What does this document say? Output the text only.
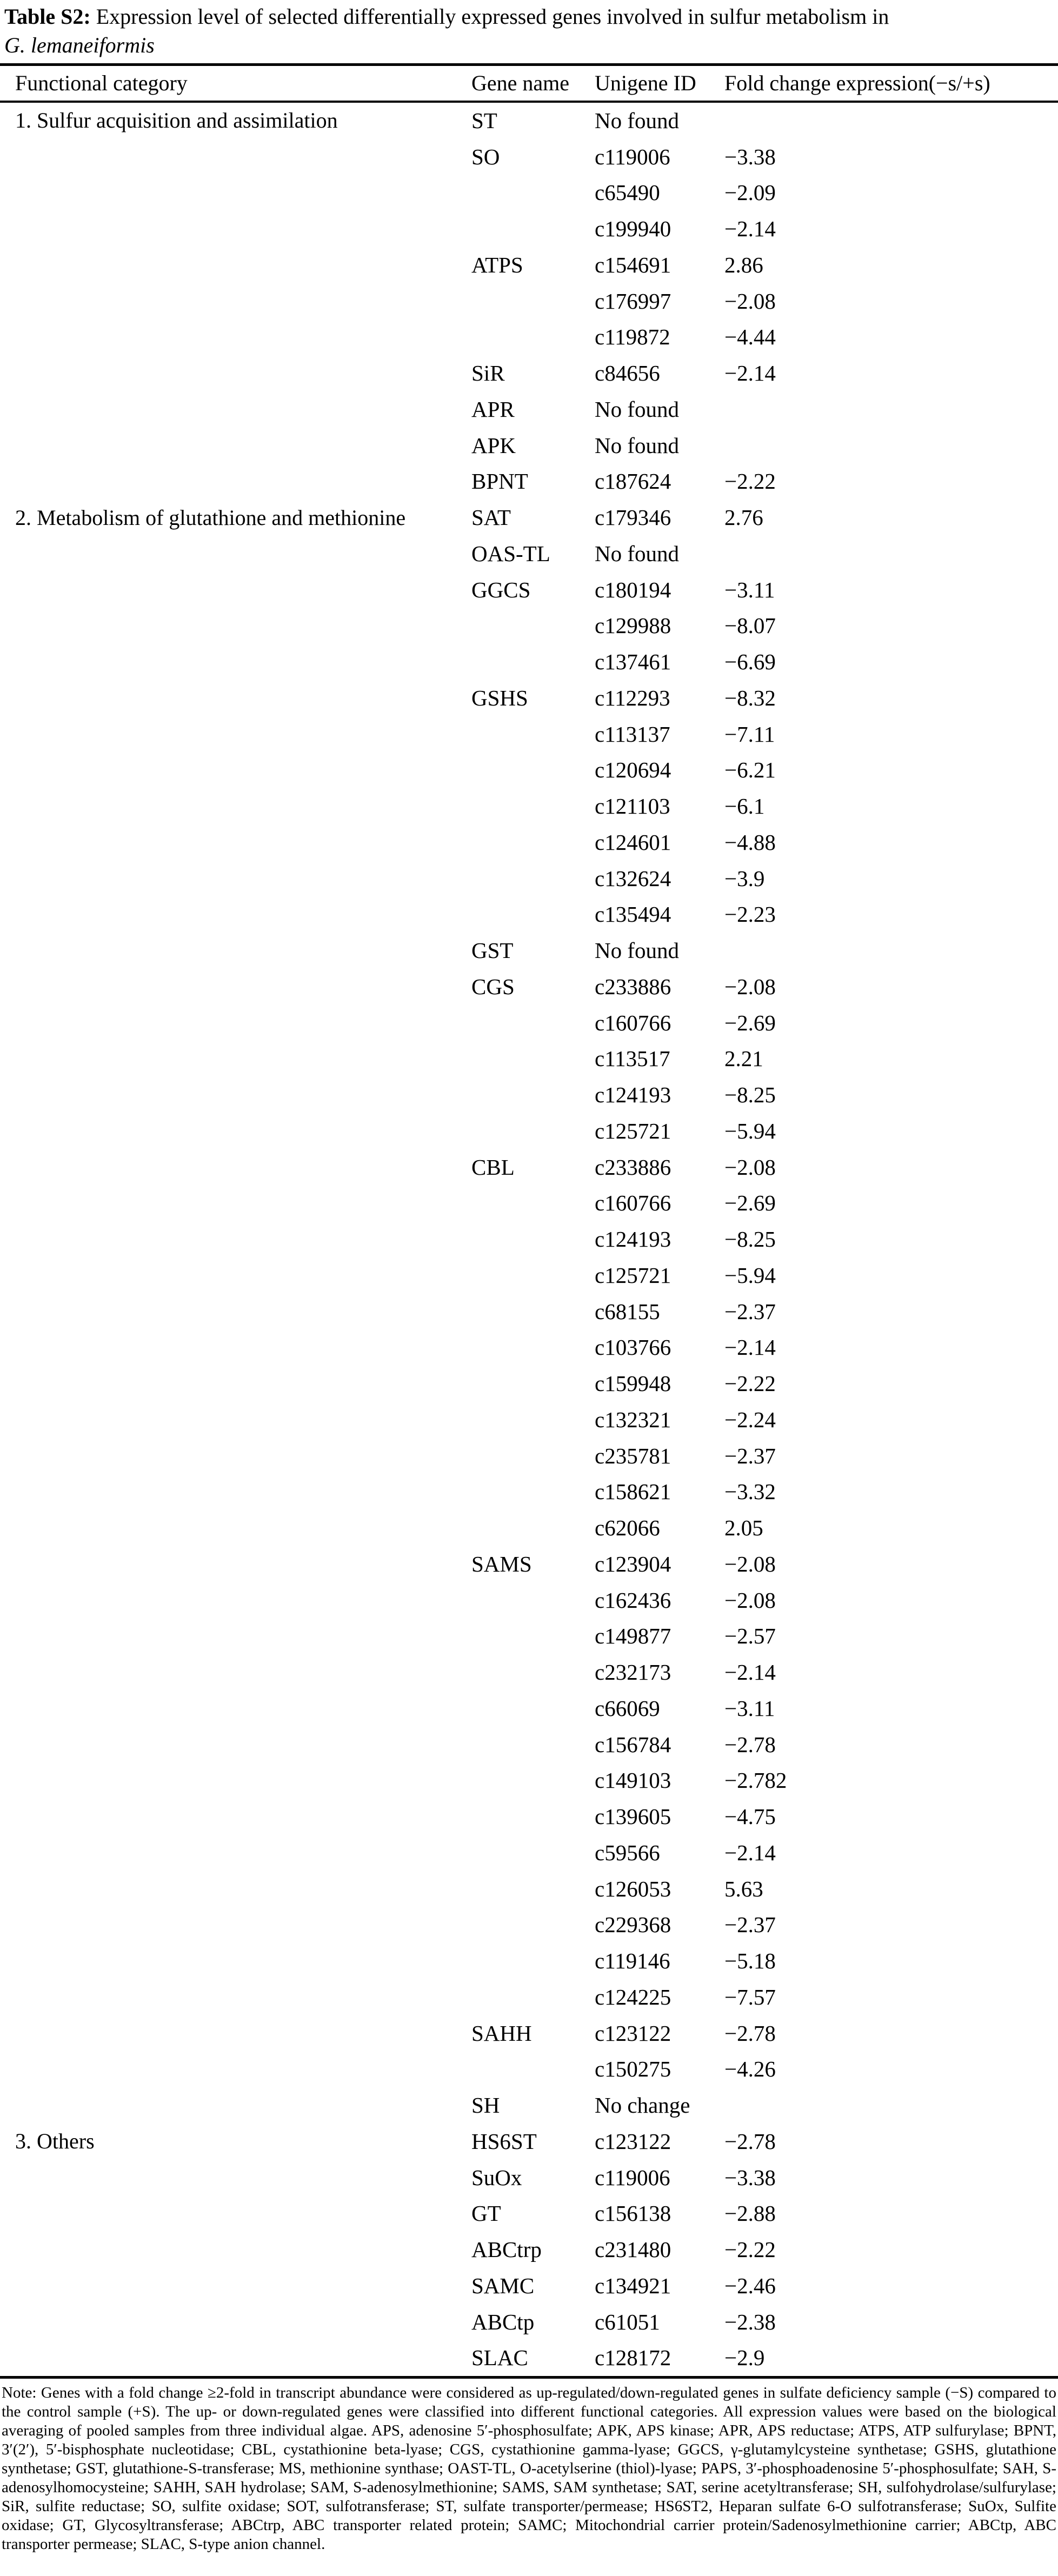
Table S2: Expression level of selected differentially expressed genes involved in sulfur metabolism in
G. lemaneiformis
Functional category	Gene name	Unigene ID	Fold change expression(−s/+s)
1. Sulfur acquisition and assimilation	ST	No found	
	SO	c119006	−3.38
		c65490	−2.09
		c199940	−2.14
	ATPS	c154691	2.86
		c176997	−2.08
		c119872	−4.44
	SiR	c84656	−2.14
	APR	No found	
	APK	No found	
	BPNT	c187624	−2.22
2. Metabolism of glutathione and methionine	SAT	c179346	2.76
	OAS-TL	No found	
	GGCS	c180194	−3.11
		c129988	−8.07
		c137461	−6.69
	GSHS	c112293	−8.32
		c113137	−7.11
		c120694	−6.21
		c121103	−6.1
		c124601	−4.88
		c132624	−3.9
		c135494	−2.23
	GST	No found	
	CGS	c233886	−2.08
		c160766	−2.69
		c113517	2.21
		c124193	−8.25
		c125721	−5.94
	CBL	c233886	−2.08
		c160766	−2.69
		c124193	−8.25
		c125721	−5.94
		c68155	−2.37
		c103766	−2.14
		c159948	−2.22
		c132321	−2.24
		c235781	−2.37
		c158621	−3.32
		c62066	2.05
	SAMS	c123904	−2.08
		c162436	−2.08
		c149877	−2.57
		c232173	−2.14
		c66069	−3.11
		c156784	−2.78
		c149103	−2.782
		c139605	−4.75
		c59566	−2.14
		c126053	5.63
		c229368	−2.37
		c119146	−5.18
		c124225	−7.57
	SAHH	c123122	−2.78
		c150275	−4.26
	SH	No change	
3. Others	HS6ST	c123122	−2.78
	SuOx	c119006	−3.38
	GT	c156138	−2.88
	ABCtrp	c231480	−2.22
	SAMC	c134921	−2.46
	ABCtp	c61051	−2.38
	SLAC	c128172	−2.9
Note: Genes with a fold change ≥2-fold in transcript abundance were considered as up-regulated/down-regulated genes in sulfate deficiency sample (−S) compared to the control sample (+S). The up- or down-regulated genes were classified into different functional categories. All expression values were based on the biological averaging of pooled samples from three individual algae. APS, adenosine 5′-phosphosulfate; APK, APS kinase; APR, APS reductase; ATPS, ATP sulfurylase; BPNT, 3′(2′), 5′-bisphosphate nucleotidase; CBL, cystathionine beta-lyase; CGS, cystathionine gamma-lyase; GGCS, γ-glutamylcysteine synthetase; GSHS, glutathione synthetase; GST, glutathione-S-transferase; MS, methionine synthase; OAST-TL, O-acetylserine (thiol)-lyase; PAPS, 3′-phosphoadenosine 5′-phosphosulfate; SAH, S-adenosylhomocysteine; SAHH, SAH hydrolase; SAM, S-adenosylmethionine; SAMS, SAM synthetase; SAT, serine acetyltransferase; SH, sulfohydrolase/sulfurylase; SiR, sulfite reductase; SO, sulfite oxidase; SOT, sulfotransferase; ST, sulfate transporter/permease; HS6ST2, Heparan sulfate 6-O sulfotransferase; SuOx, Sulfite oxidase; GT, Glycosyltransferase; ABCtrp, ABC transporter related protein; SAMC; Mitochondrial carrier protein/Sadenosylmethionine carrier; ABCtp, ABC transporter permease; SLAC, S-type anion channel.
